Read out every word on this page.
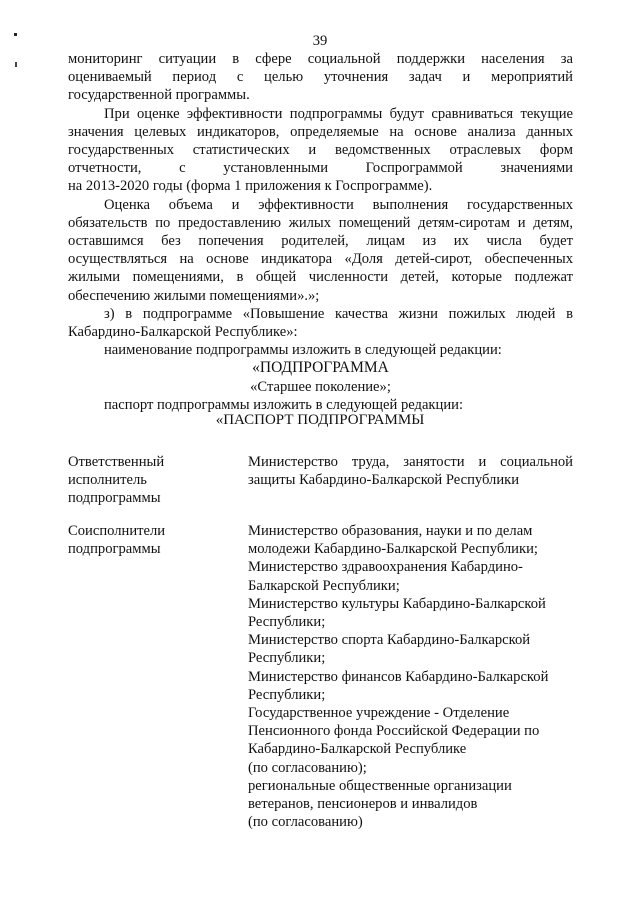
39

мониторинг ситуации в сфере социальной поддержки населения за
оцениваемый период с целью уточнения задач и мероприятий
государственной программы.

При оценке эффективности подпрограммы будут сравниваться текущие
значения целевых индикаторов, определяемые на основе анализа данных
государственных статистических и ведомственных отраслевых форм
отчетности, с установленными Госпрограммой значениями
на 2013-2020 годы (форма 1 приложения к Госпрограмме).

Оценка объема и эффективности выполнения государственных
обязательств по предоставлению жилых помещений детям-сиротам и детям,
оставшимся без попечения родителей, лицам из их числа будет
осуществляться на основе индикатора «Доля детей-сирот, обеспеченных
жилыми помещениями, в общей численности детей, которые подлежат
обеспечению жилыми помещениями».»;

з) в подпрограмме «Повышение качества жизни пожилых людей в
Кабардино-Балкарской Республике»:

наименование подпрограммы изложить в следующей редакции:

«ПОДПРОГРАММА

«Старшее поколение»;

паспорт подпрограммы изложить в следующей редакции:

«ПАСПОРТ ПОДПРОГРАММЫ
Ответственный
исполнитель
подпрограммы
Министерство труда, занятости и социальной
защиты Кабардино-Балкарской Республики
Соисполнители
подпрограммы
Министерство образования, науки и по делам
молодежи Кабардино-Балкарской Республики;
Министерство здравоохранения Кабардино-
Балкарской Республики;
Министерство культуры Кабардино-Балкарской
Республики;
Министерство спорта Кабардино-Балкарской
Республики;
Министерство финансов Кабардино-Балкарской
Республики;
Государственное учреждение - Отделение
Пенсионного фонда Российской Федерации по
Кабардино-Балкарской Республике
(по согласованию);
региональные общественные организации
ветеранов, пенсионеров и инвалидов
(по согласованию)
